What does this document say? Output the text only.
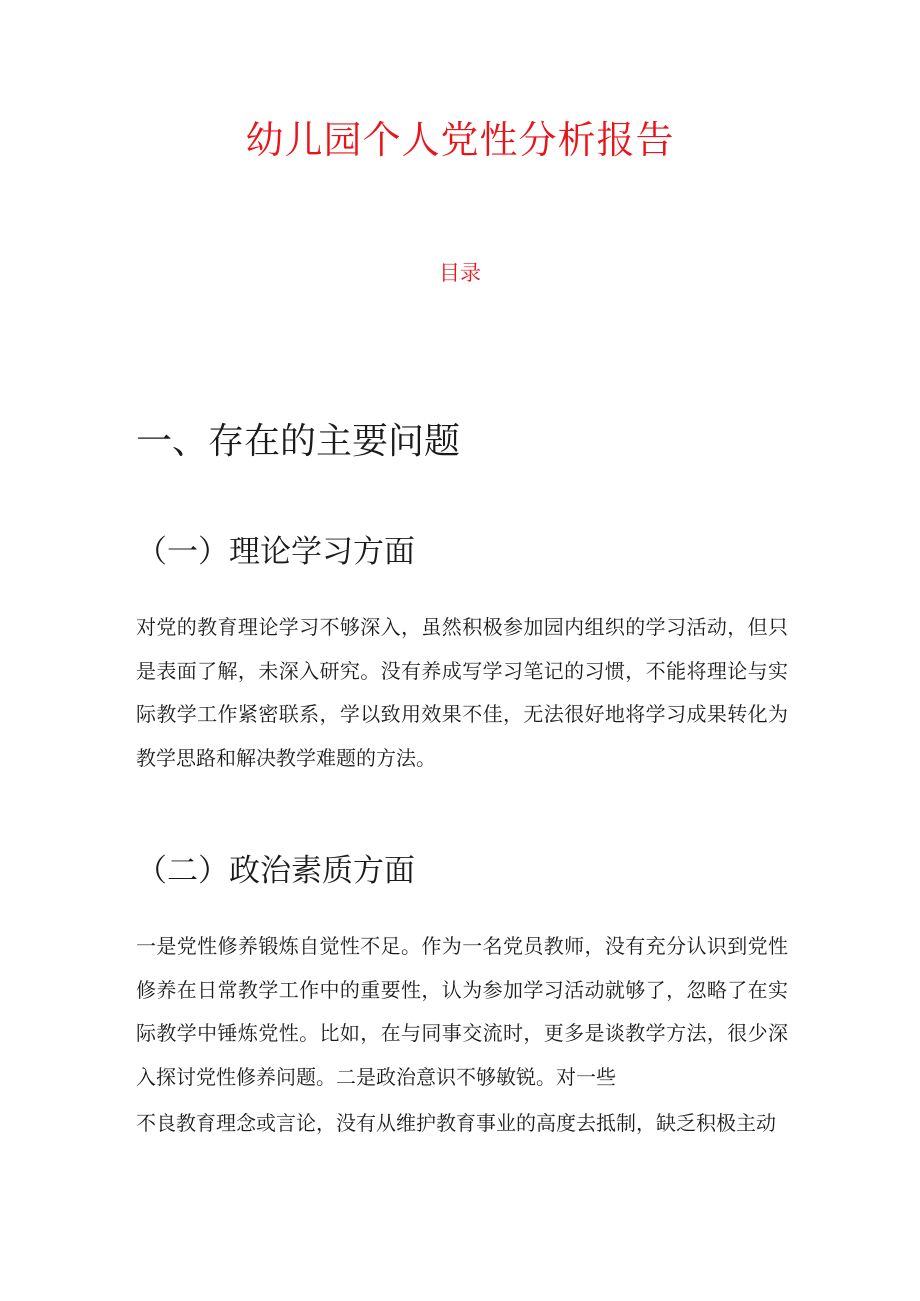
幼儿园个人党性分析报告
目录
一、存在的主要问题
（一）理论学习方面

对党的教育理论学习不够深入，虽然积极参加园内组织的学习活动，但只是表面了解，未深入研究。没有养成写学习笔记的习惯，不能将理论与实际教学工作紧密联系，学以致用效果不佳，无法很好地将学习成果转化为教学思路和解决教学难题的方法。

（二）政治素质方面

一是党性修养锻炼自觉性不足。作为一名党员教师，没有充分认识到党性修养在日常教学工作中的重要性，认为参加学习活动就够了，忽略了在实际教学中锤炼党性。比如，在与同事交流时，更多是谈教学方法，很少深入探讨党性修养问题。二是政治意识不够敏锐。对一些

不良教育理念或言论，没有从维护教育事业的高度去抵制，缺乏积极主动
